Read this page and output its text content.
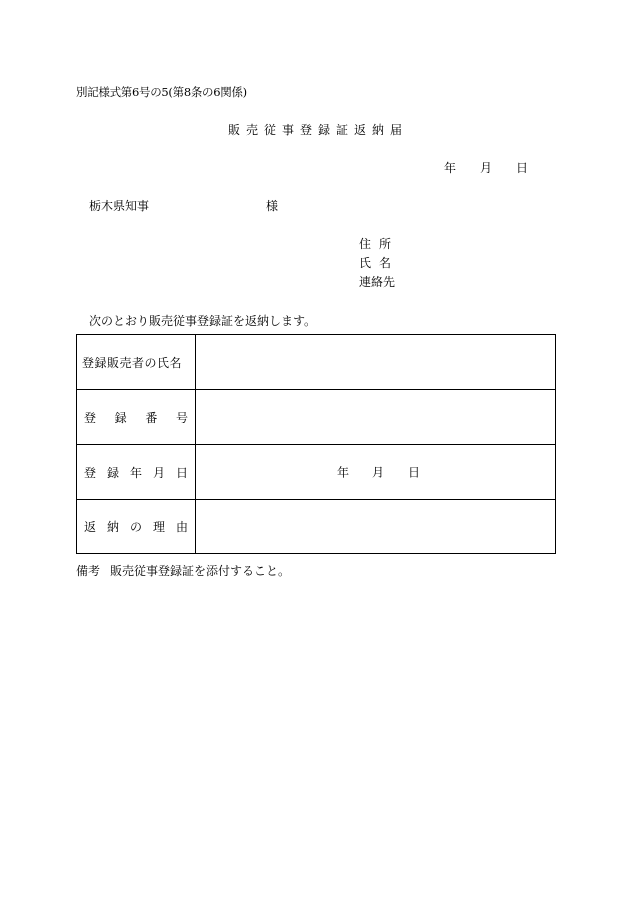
別記様式第6号の5(第8条の6関係)
販売従事登録証返納届
年 月 日
栃木県知事	様
住所
氏名
連絡先
次のとおり販売従事登録証を返納します。
登録販売者の氏名	

登 録 番 号	

登 録 年 月 日	年 月 日

返 納 の 理 由	

備考 販売従事登録証を添付すること。
